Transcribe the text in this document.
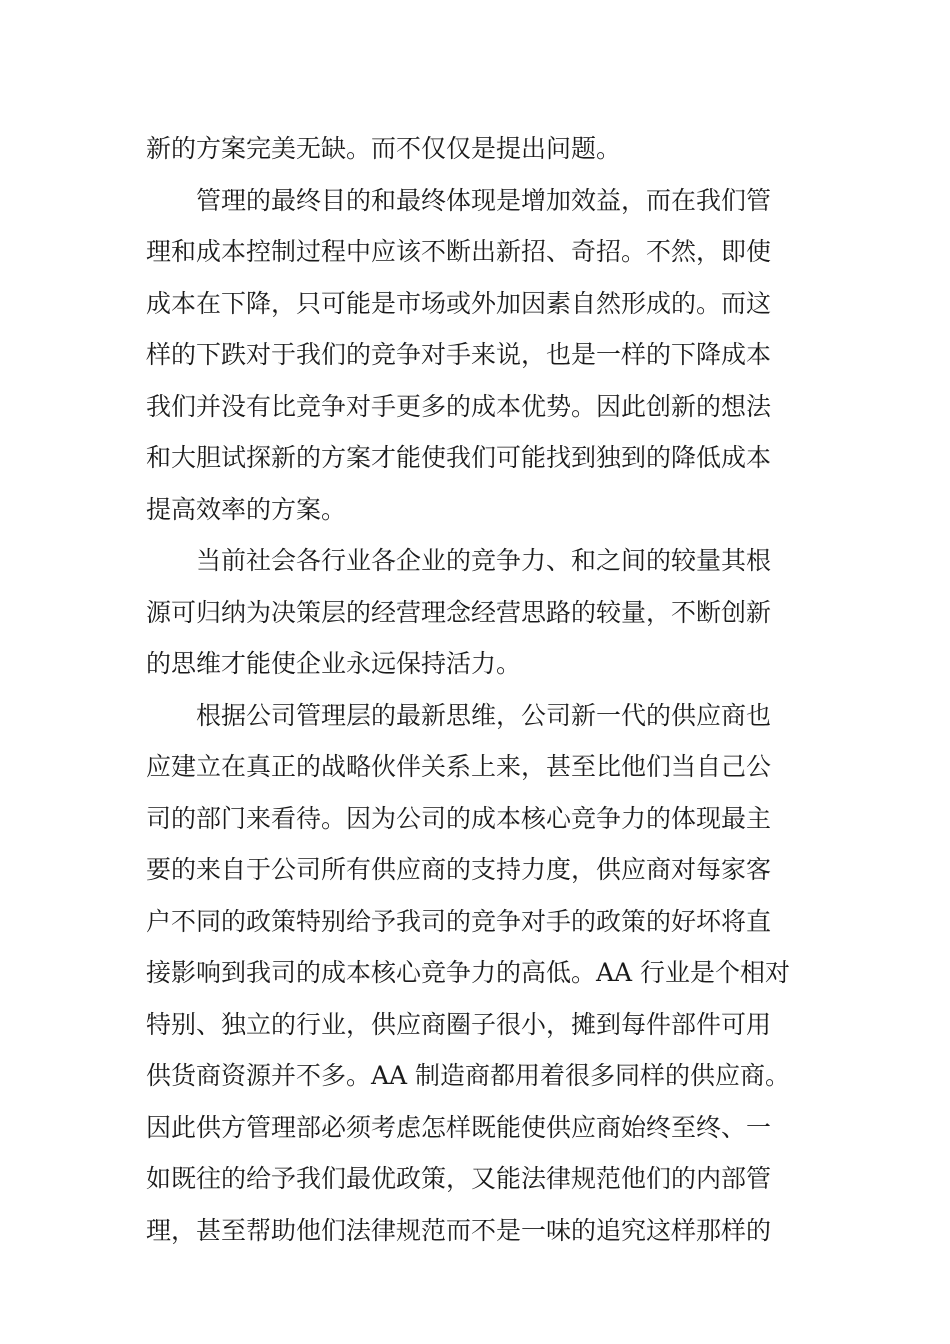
新的方案完美无缺。而不仅仅是提出问题。
管理的最终目的和最终体现是增加效益，而在我们管
理和成本控制过程中应该不断出新招、奇招。不然，即使
成本在下降，只可能是市场或外加因素自然形成的。而这
样的下跌对于我们的竞争对手来说，也是一样的下降成本
我们并没有比竞争对手更多的成本优势。因此创新的想法
和大胆试探新的方案才能使我们可能找到独到的降低成本
提高效率的方案。
当前社会各行业各企业的竞争力、和之间的较量其根
源可归纳为决策层的经营理念经营思路的较量，不断创新
的思维才能使企业永远保持活力。
根据公司管理层的最新思维，公司新一代的供应商也
应建立在真正的战略伙伴关系上来，甚至比他们当自己公
司的部门来看待。因为公司的成本核心竞争力的体现最主
要的来自于公司所有供应商的支持力度，供应商对每家客
户不同的政策特别给予我司的竞争对手的政策的好坏将直
接影响到我司的成本核心竞争力的高低。AA 行业是个相对
特别、独立的行业，供应商圈子很小，摊到每件部件可用
供货商资源并不多。AA 制造商都用着很多同样的供应商。
因此供方管理部必须考虑怎样既能使供应商始终至终、一
如既往的给予我们最优政策，又能法律规范他们的内部管
理，甚至帮助他们法律规范而不是一味的追究这样那样的
